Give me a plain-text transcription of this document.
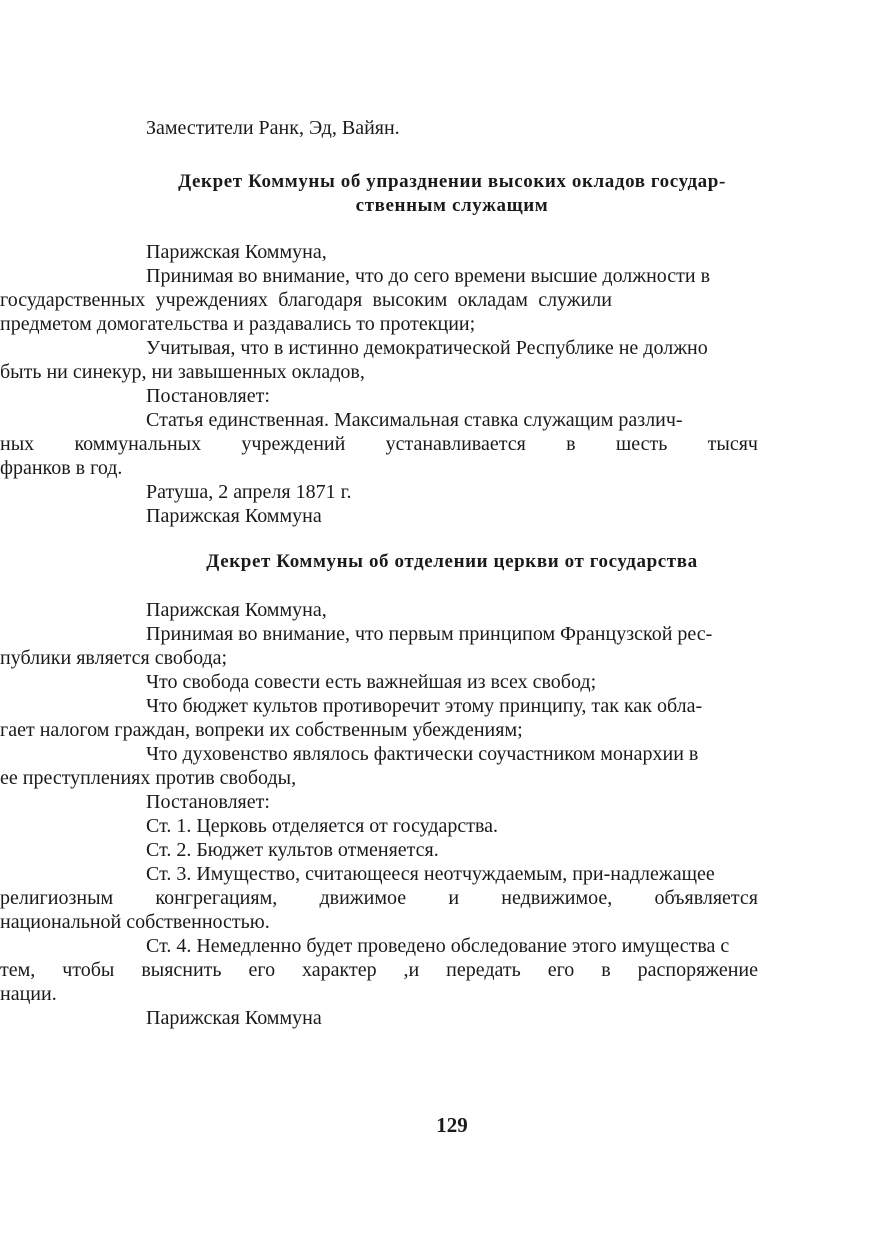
Заместители Ранк, Эд, Вайян.
Декрет Коммуны об упразднении высоких окладов государ-
ственным служащим
Парижская Коммуна,
Принимая во внимание, что до сего времени высшие должности в
государственных учреждениях благодаря высоким окладам служили
предметом домогательства и раздавались то протекции;
Учитывая, что в истинно демократической Республике не должно
быть ни синекур, ни завышенных окладов,
Постановляет:
Статья единственная. Максимальная ставка служащим различ-
ных коммунальных учреждений устанавливается в шесть тысяч
франков в год.
Ратуша, 2 апреля 1871 г.
Парижская Коммуна
Декрет Коммуны об отделении церкви от государства
Парижская Коммуна,
Принимая во внимание, что первым принципом Французской рес-
публики является свобода;
Что свобода совести есть важнейшая из всех свобод;
Что бюджет культов противоречит этому принципу, так как обла-
гает налогом граждан, вопреки их собственным убеждениям;
Что духовенство являлось фактически соучастником монархии в
ее преступлениях против свободы,
Постановляет:
Ст. 1. Церковь отделяется от государства.
Ст. 2. Бюджет культов отменяется.
Ст. 3. Имущество, считающееся неотчуждаемым, при-надлежащее
религиозным конгрегациям, движимое и недвижимое, объявляется
национальной собственностью.
Ст. 4. Немедленно будет проведено обследование этого имущества с
тем, чтобы выяснить его характер ,и передать его в распоряжение
нации.
Парижская Коммуна
129
